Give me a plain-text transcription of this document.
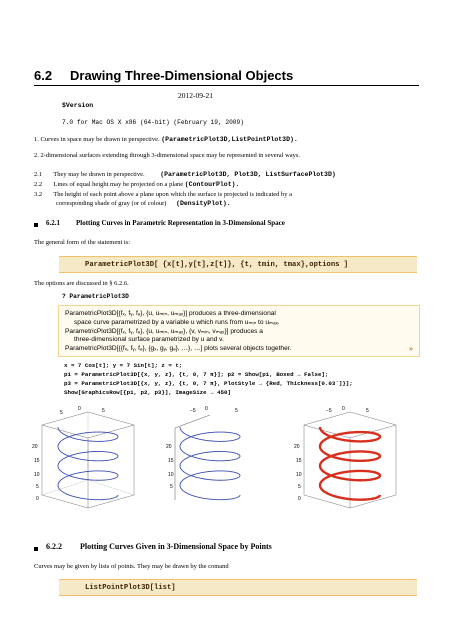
6.2 Drawing Three-Dimensional Objects
2012-09-21
$Version
7.0 for Mac OS X x86 (64-bit) (February 19, 2009)
1. Curves in space may be drawn in perspective. (ParametricPlot3D,ListPointPlot3D).
2. 2-dimensional surfaces extending through 3-dimensional space may be represented in several ways.
2.1 They may be drawn in perspective. (ParametricPlot3D, Plot3D, ListSurfacePlot3D)
2.2 Lines of equal height may be projected on a plane (ContourPlot).
3.2 The height of each point above a plane upon which the surface is projected is indicated by a
corresponding shade of gray (or of colour) (DensityPlot).
6.2.1 Plotting Curves in Parametric Representation in 3-Dimensional Space
The general form of the statement is:
ParametricPlot3D[ {x[t],y[t],z[t]}, {t, tmin, tmax},options ]
The options are discussed in § 6.2.6.
? ParametricPlot3D
ParametricPlot3D[{fₓ, fᵧ, fₔ}, {u, uₘᵢₙ, uₘₐₓ}] produces a three-dimensional
space curve parametrized by a variable u which runs from uₘᵢₙ to uₘₐₓ.
ParametricPlot3D[{fₓ, fᵧ, fₔ}, {u, uₘᵢₙ, uₘₐₓ}, {v, vₘᵢₙ, vₘₐₓ}] produces a
three-dimensional surface parametrized by u and v.
ParametricPlot3D[{{fₓ, fᵧ, fₔ}, {gₓ, gᵧ, gₔ}, …}, …] plots several objects together.	»
x = 7 Cos[t]; y = 7 Sin[t]; z = t;
p1 = ParametricPlot3D[{x, y, z}, {t, 0, 7 π}]; p2 = Show[p1, Boxed → False];
p3 = ParametricPlot3D[{x, y, z}, {t, 0, 7 π}, PlotStyle → {Red, Thickness[0.03`]}];
Show[GraphicsRow[{p1, p2, p3}], ImageSize → 450]
5
0	5
20
15
10
5
0
−5 0	5
20
15
10
5
−5 0	5
20
15
10
5
0
6.2.2 Plotting Curves Given in 3-Dimensional Space by Points
Curves may be given by lists of points. They may be drawn by the comand
ListPointPlot3D[list]
